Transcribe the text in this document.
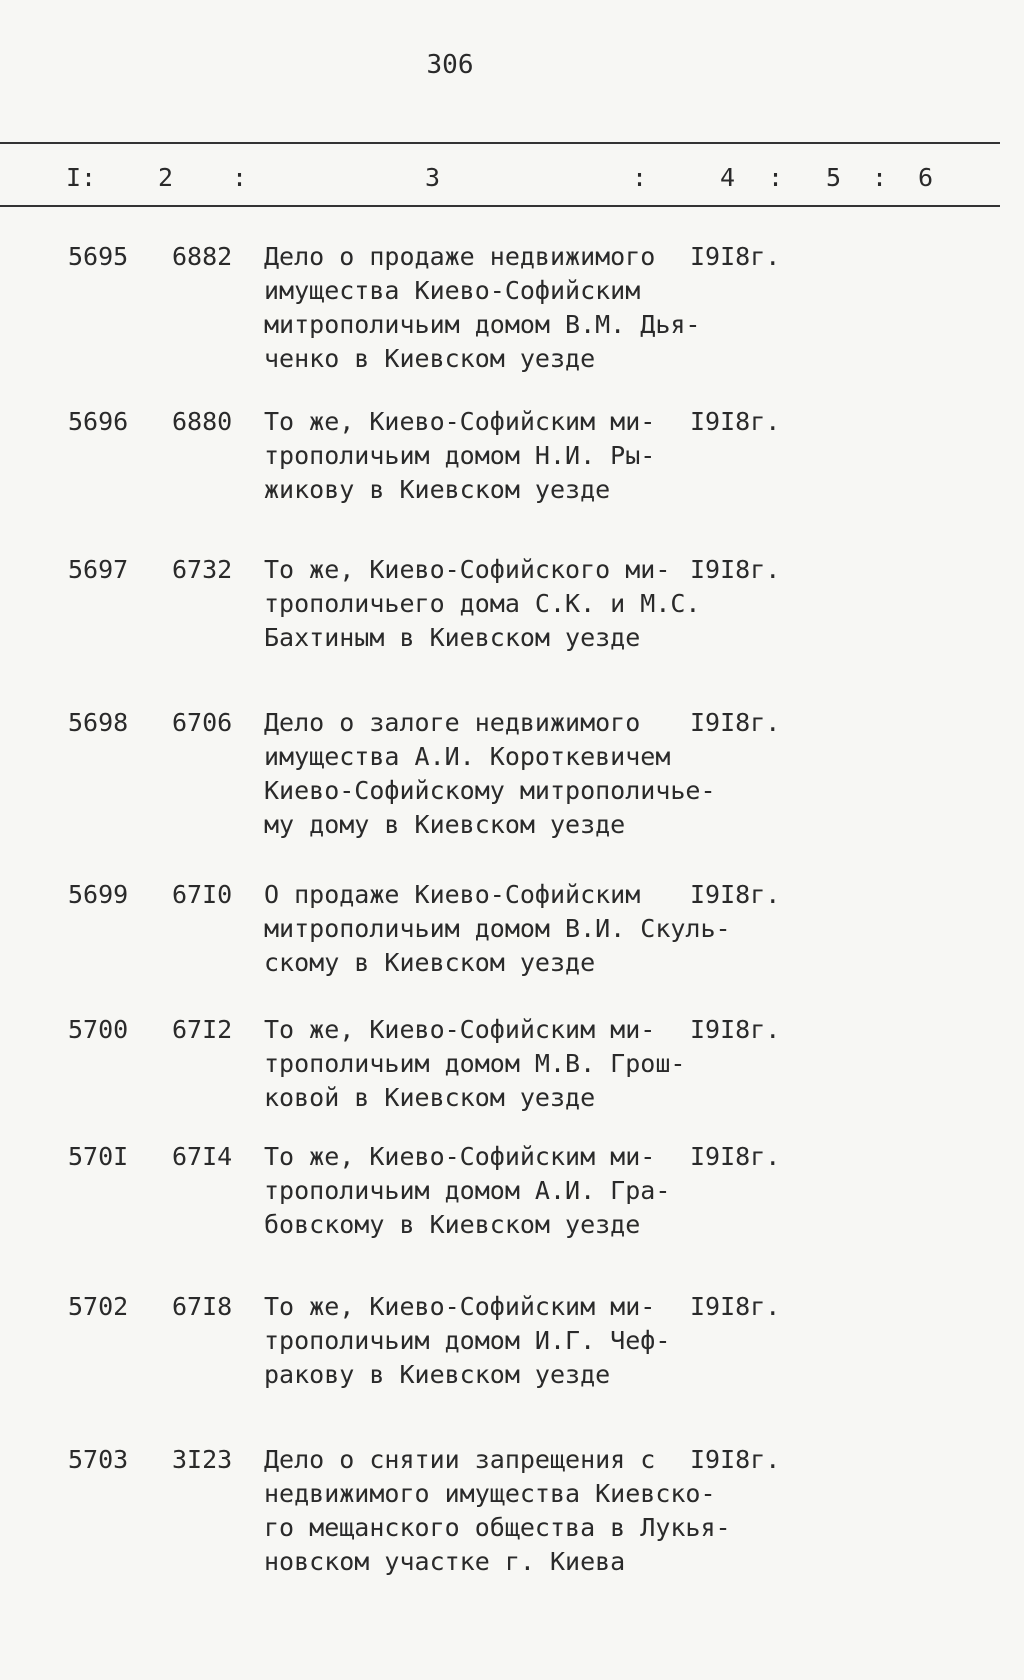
306
I: 2 :	3	:	4 : 5 : 6
5695 6882 Дело о продаже недвижимого
имущества Киево-Софийским
митрополичьим домом В.М. Дья-
ченко в Киевском уезде
I9I8г.
5696 6880 То же, Киево-Софийским ми-
трополичьим домом Н.И. Ры-
жикову в Киевском уезде
I9I8г.
5697 6732 То же, Киево-Софийского ми-
трополичьего дома С.К. и М.С.
Бахтиным в Киевском уезде
I9I8г.
5698 6706 Дело о залоге недвижимого
имущества А.И. Короткевичем
Киево-Софийскому митрополичье-
му дому в Киевском уезде
I9I8г.
5699 67I0 О продаже Киево-Софийским
митрополичьим домом В.И. Скуль-
скому в Киевском уезде
I9I8г.
5700 67I2 То же, Киево-Софийским ми-
трополичьим домом М.В. Грош-
ковой в Киевском уезде
I9I8г.
570I 67I4 То же, Киево-Софийским ми-
трополичьим домом А.И. Гра-
бовскому в Киевском уезде
I9I8г.
5702 67I8 То же, Киево-Софийским ми-
трополичьим домом И.Г. Чеф-
ракову в Киевском уезде
I9I8г.
5703 3I23 Дело о снятии запрещения с
недвижимого имущества Киевско-
го мещанского общества в Лукья-
новском участке г. Киева
I9I8г.
